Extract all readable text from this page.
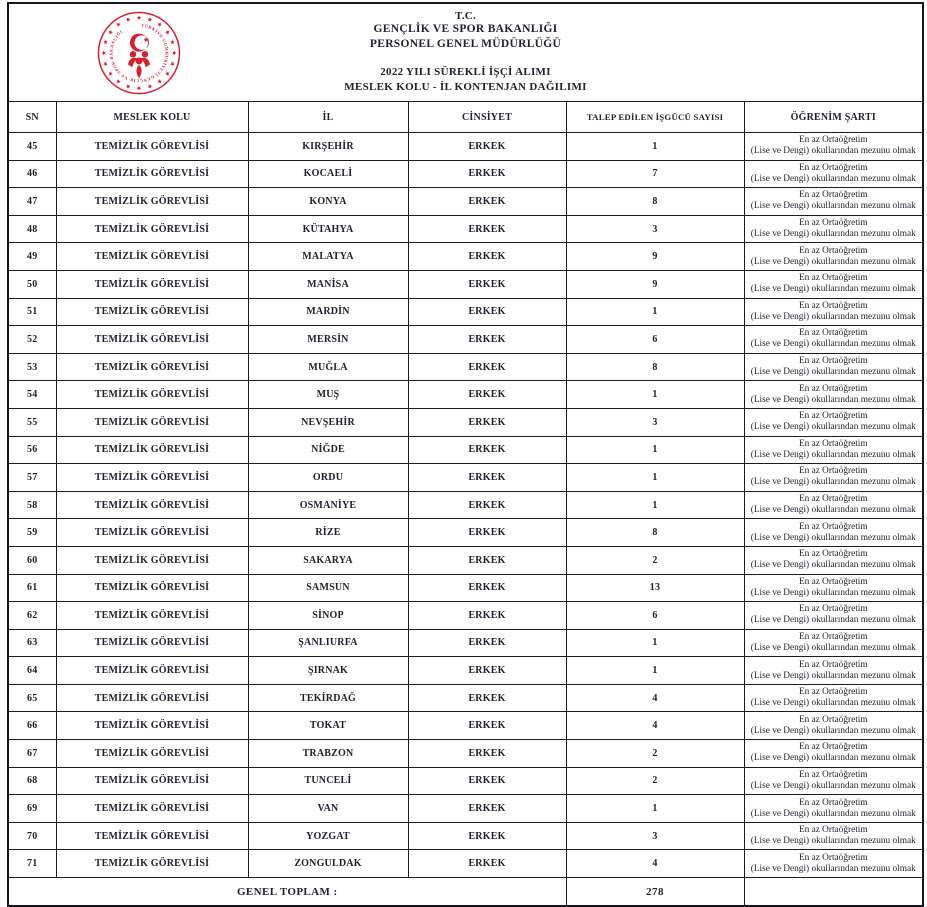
TÜRKİYE CUMHURİYETİ GENÇLİK VE SPOR BAKANLIĞI
T.C.
GENÇLİK VE SPOR BAKANLIĞI
PERSONEL GENEL MÜDÜRLÜĞÜ
2022 YILI SÜREKLİ İŞÇİ ALIMI
MESLEK KOLU - İL KONTENJAN DAĞILIMI

SN	MESLEK KOLU	İL	CİNSİYET	TALEP EDİLEN İŞGÜCÜ SAYISI	ÖĞRENİM ŞARTI
45	TEMİZLİK GÖREVLİSİ	KIRŞEHİR	ERKEK	1	En az Ortaöğretim
(Lise ve Dengi) okullarından mezunu olmak

46	TEMİZLİK GÖREVLİSİ	KOCAELİ	ERKEK	7	En az Ortaöğretim
(Lise ve Dengi) okullarından mezunu olmak

47	TEMİZLİK GÖREVLİSİ	KONYA	ERKEK	8	En az Ortaöğretim
(Lise ve Dengi) okullarından mezunu olmak

48	TEMİZLİK GÖREVLİSİ	KÜTAHYA	ERKEK	3	En az Ortaöğretim
(Lise ve Dengi) okullarından mezunu olmak

49	TEMİZLİK GÖREVLİSİ	MALATYA	ERKEK	9	En az Ortaöğretim
(Lise ve Dengi) okullarından mezunu olmak

50	TEMİZLİK GÖREVLİSİ	MANİSA	ERKEK	9	En az Ortaöğretim
(Lise ve Dengi) okullarından mezunu olmak

51	TEMİZLİK GÖREVLİSİ	MARDİN	ERKEK	1	En az Ortaöğretim
(Lise ve Dengi) okullarından mezunu olmak

52	TEMİZLİK GÖREVLİSİ	MERSİN	ERKEK	6	En az Ortaöğretim
(Lise ve Dengi) okullarından mezunu olmak

53	TEMİZLİK GÖREVLİSİ	MUĞLA	ERKEK	8	En az Ortaöğretim
(Lise ve Dengi) okullarından mezunu olmak

54	TEMİZLİK GÖREVLİSİ	MUŞ	ERKEK	1	En az Ortaöğretim
(Lise ve Dengi) okullarından mezunu olmak

55	TEMİZLİK GÖREVLİSİ	NEVŞEHİR	ERKEK	3	En az Ortaöğretim
(Lise ve Dengi) okullarından mezunu olmak

56	TEMİZLİK GÖREVLİSİ	NİĞDE	ERKEK	1	En az Ortaöğretim
(Lise ve Dengi) okullarından mezunu olmak

57	TEMİZLİK GÖREVLİSİ	ORDU	ERKEK	1	En az Ortaöğretim
(Lise ve Dengi) okullarından mezunu olmak

58	TEMİZLİK GÖREVLİSİ	OSMANİYE	ERKEK	1	En az Ortaöğretim
(Lise ve Dengi) okullarından mezunu olmak

59	TEMİZLİK GÖREVLİSİ	RİZE	ERKEK	8	En az Ortaöğretim
(Lise ve Dengi) okullarından mezunu olmak

60	TEMİZLİK GÖREVLİSİ	SAKARYA	ERKEK	2	En az Ortaöğretim
(Lise ve Dengi) okullarından mezunu olmak

61	TEMİZLİK GÖREVLİSİ	SAMSUN	ERKEK	13	En az Ortaöğretim
(Lise ve Dengi) okullarından mezunu olmak

62	TEMİZLİK GÖREVLİSİ	SİNOP	ERKEK	6	En az Ortaöğretim
(Lise ve Dengi) okullarından mezunu olmak

63	TEMİZLİK GÖREVLİSİ	ŞANLIURFA	ERKEK	1	En az Ortaöğretim
(Lise ve Dengi) okullarından mezunu olmak

64	TEMİZLİK GÖREVLİSİ	ŞIRNAK	ERKEK	1	En az Ortaöğretim
(Lise ve Dengi) okullarından mezunu olmak

65	TEMİZLİK GÖREVLİSİ	TEKİRDAĞ	ERKEK	4	En az Ortaöğretim
(Lise ve Dengi) okullarından mezunu olmak

66	TEMİZLİK GÖREVLİSİ	TOKAT	ERKEK	4	En az Ortaöğretim
(Lise ve Dengi) okullarından mezunu olmak

67	TEMİZLİK GÖREVLİSİ	TRABZON	ERKEK	2	En az Ortaöğretim
(Lise ve Dengi) okullarından mezunu olmak

68	TEMİZLİK GÖREVLİSİ	TUNCELİ	ERKEK	2	En az Ortaöğretim
(Lise ve Dengi) okullarından mezunu olmak

69	TEMİZLİK GÖREVLİSİ	VAN	ERKEK	1	En az Ortaöğretim
(Lise ve Dengi) okullarından mezunu olmak

70	TEMİZLİK GÖREVLİSİ	YOZGAT	ERKEK	3	En az Ortaöğretim
(Lise ve Dengi) okullarından mezunu olmak

71	TEMİZLİK GÖREVLİSİ	ZONGULDAK	ERKEK	4	En az Ortaöğretim
(Lise ve Dengi) okullarından mezunu olmak

GENEL TOPLAM :				278	
